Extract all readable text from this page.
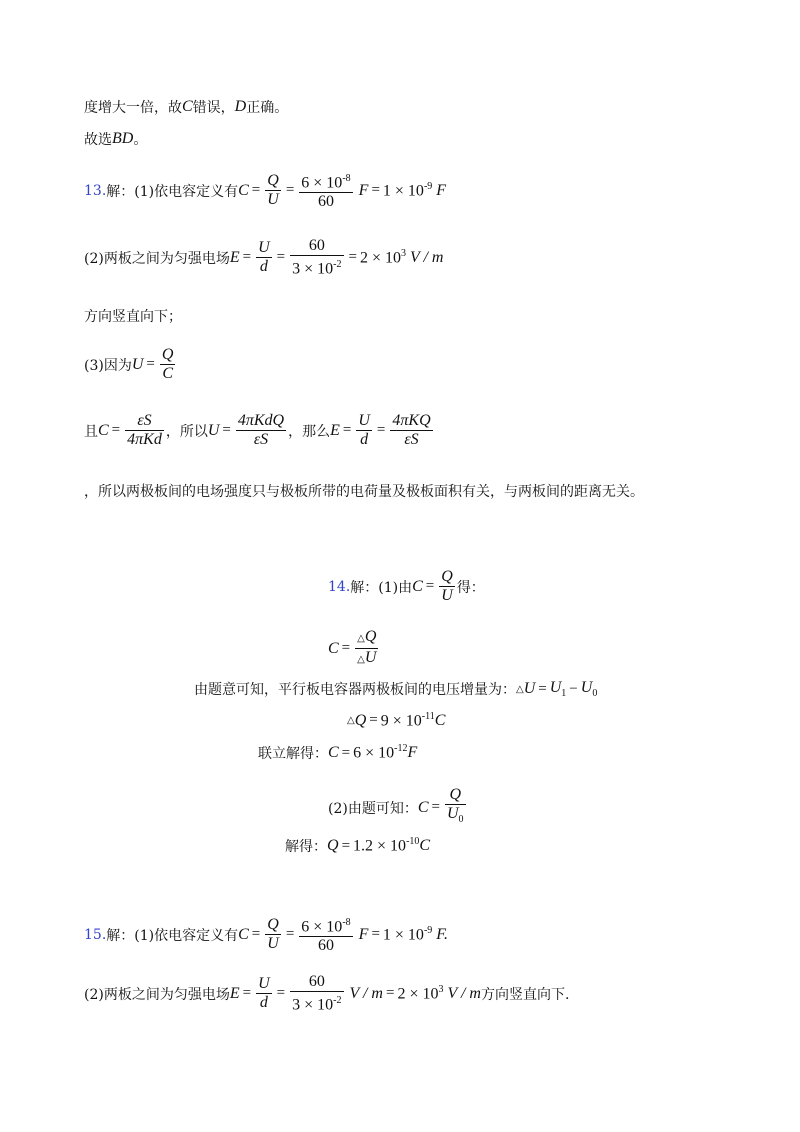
度增大一倍，故 C 错误， D 正确。
故选 BD 。
13. 解：(1)依电容定义有 $C = \frac{Q}{U} = \frac{6 \times 10^{-8}}{60}$ $F = 1 \times 10^{-9}$ F
(2)两板之间为匀强电场 $E = \frac{U}{d} = \frac{60}{3 \times 10^{-2}} = 2 \times 10^3$ V / m
方向竖直向下；
(3)因为 $U = \frac{Q}{C}$
且 $C = \frac{\varepsilon S}{\text{4πKd}}$ ，所以 $U = \frac{\text{4πKdQ}}{\varepsilon S}$ ，那么 $E = \frac{U}{d} = \frac{\text{4πKQ}}{\varepsilon S}$
，所以两极板间的电场强度只与极板所带的电荷量及极板面积有关，与两板间的距离无关。
14. 解：(1)由 $C = \frac{Q}{U}$ 得：
$C = \frac{\triangle Q}{\triangle U}$
由题意可知，平行板电容器两极板间的电压增量为： △ $U = U_1 - U_0$
△ $Q = 9 \times 10^{-11}$ C
联立解得： $C = 6 \times 10^{-12}$ F
(2)由题可知： $C = \frac{Q}{U_0}$
解得： $Q = 1.2 \times 10^{-10}$ C
15. 解：(1)依电容定义有 $C = \frac{Q}{U} = \frac{6 \times 10^{-8}}{60}$ $F = 1 \times 10^{-9}$ F.
(2)两板之间为匀强电场 $E = \frac{U}{d} = \frac{60}{3 \times 10^{-2}}$ $V / m = 2 \times 10^3$ V / m 方向竖直向下.
